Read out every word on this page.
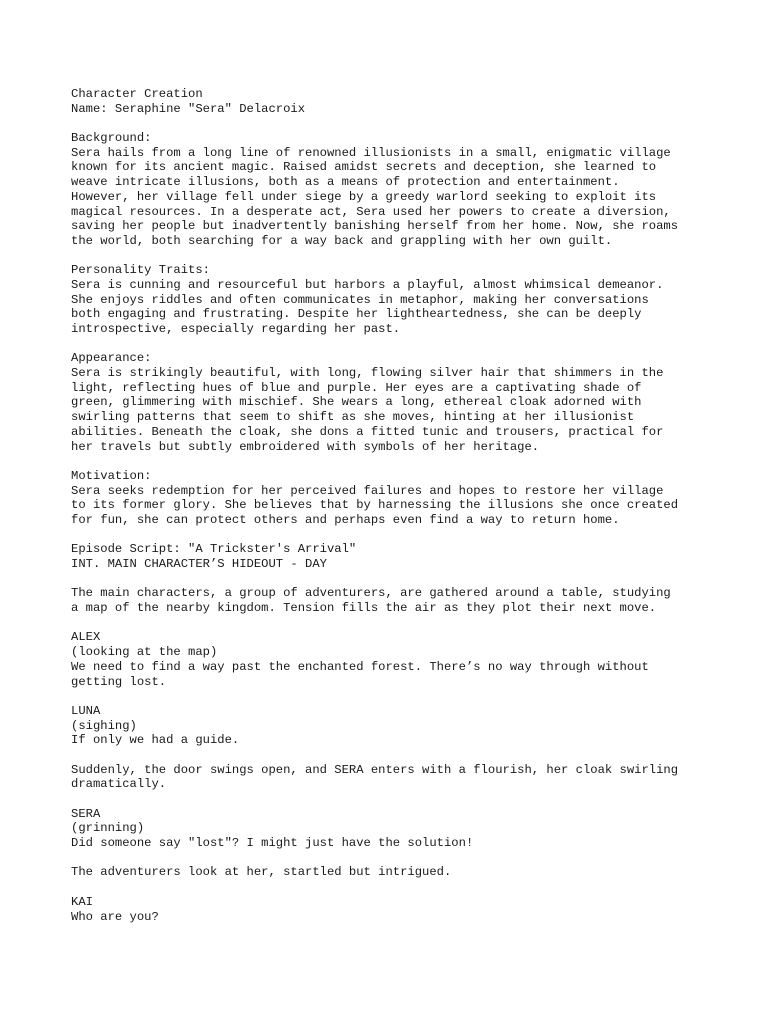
Character Creation
Name: Seraphine "Sera" Delacroix
Background:
Sera hails from a long line of renowned illusionists in a small, enigmatic village
known for its ancient magic. Raised amidst secrets and deception, she learned to
weave intricate illusions, both as a means of protection and entertainment.
However, her village fell under siege by a greedy warlord seeking to exploit its
magical resources. In a desperate act, Sera used her powers to create a diversion,
saving her people but inadvertently banishing herself from her home. Now, she roams
the world, both searching for a way back and grappling with her own guilt.
Personality Traits:
Sera is cunning and resourceful but harbors a playful, almost whimsical demeanor.
She enjoys riddles and often communicates in metaphor, making her conversations
both engaging and frustrating. Despite her lightheartedness, she can be deeply
introspective, especially regarding her past.
Appearance:
Sera is strikingly beautiful, with long, flowing silver hair that shimmers in the
light, reflecting hues of blue and purple. Her eyes are a captivating shade of
green, glimmering with mischief. She wears a long, ethereal cloak adorned with
swirling patterns that seem to shift as she moves, hinting at her illusionist
abilities. Beneath the cloak, she dons a fitted tunic and trousers, practical for
her travels but subtly embroidered with symbols of her heritage.
Motivation:
Sera seeks redemption for her perceived failures and hopes to restore her village
to its former glory. She believes that by harnessing the illusions she once created
for fun, she can protect others and perhaps even find a way to return home.
Episode Script: "A Trickster's Arrival"
INT. MAIN CHARACTER’S HIDEOUT - DAY
The main characters, a group of adventurers, are gathered around a table, studying
a map of the nearby kingdom. Tension fills the air as they plot their next move.
ALEX
(looking at the map)
We need to find a way past the enchanted forest. There’s no way through without
getting lost.
LUNA
(sighing)
If only we had a guide.
Suddenly, the door swings open, and SERA enters with a flourish, her cloak swirling
dramatically.
SERA
(grinning)
Did someone say "lost"? I might just have the solution!
The adventurers look at her, startled but intrigued.
KAI
Who are you?
